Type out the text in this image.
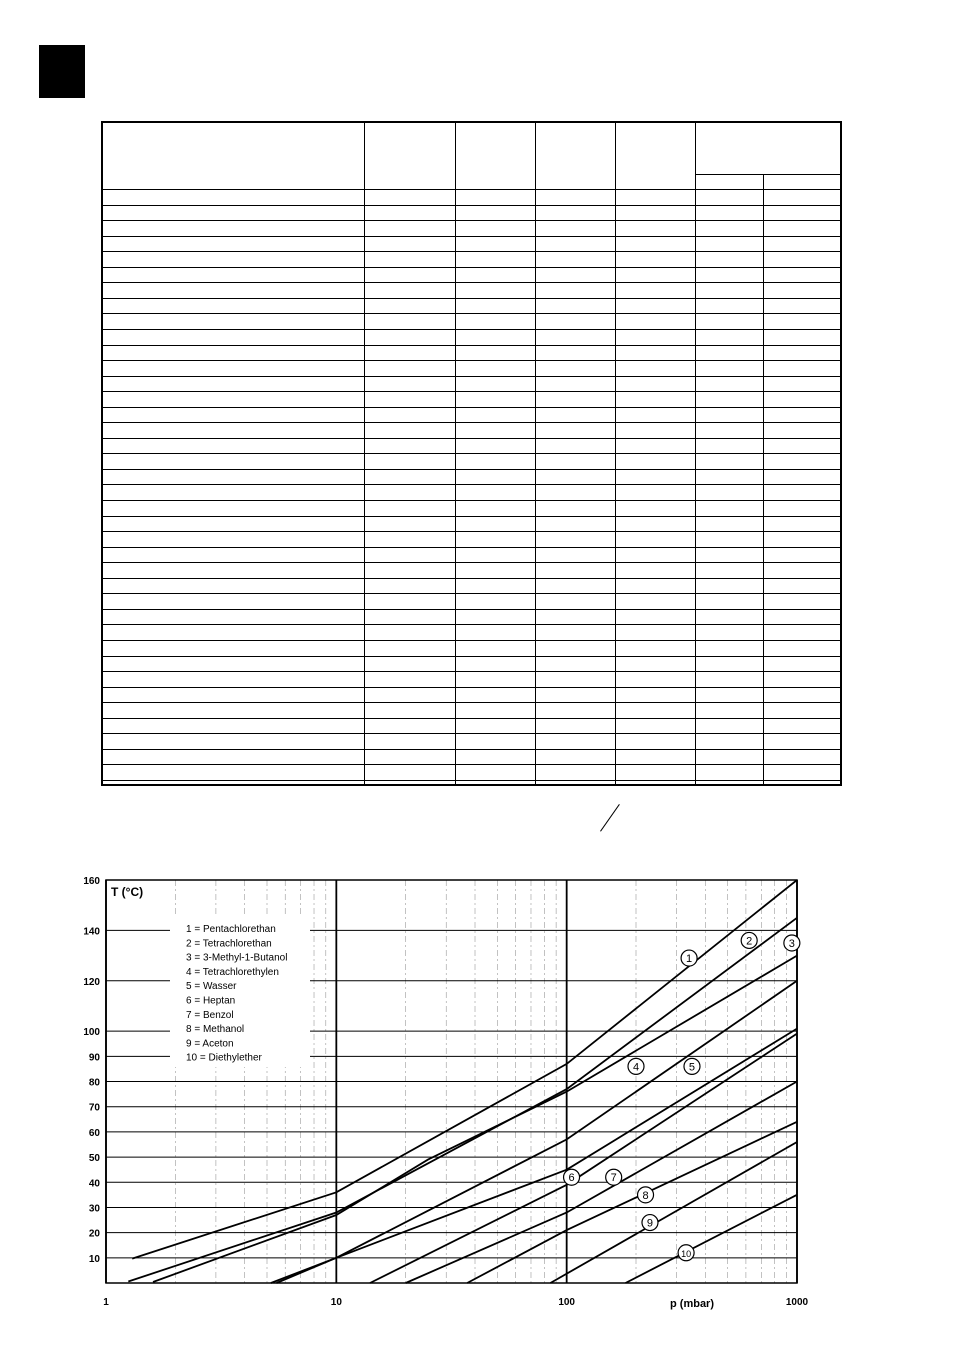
10
20
30
40
50
60
70
80
90
100
120
140
160
1	10	100	1000
T (°C)
p (mbar)
1 = Pentachlorethan
2 = Tetrachlorethan
3 = 3-Methyl-1-Butanol
4 = Tetrachlorethylen
5 = Wasser
6 = Heptan
7 = Benzol
8 = Methanol
9 = Aceton
10 = Diethylether
1
2	3
4	5
6	7
8
9
10
